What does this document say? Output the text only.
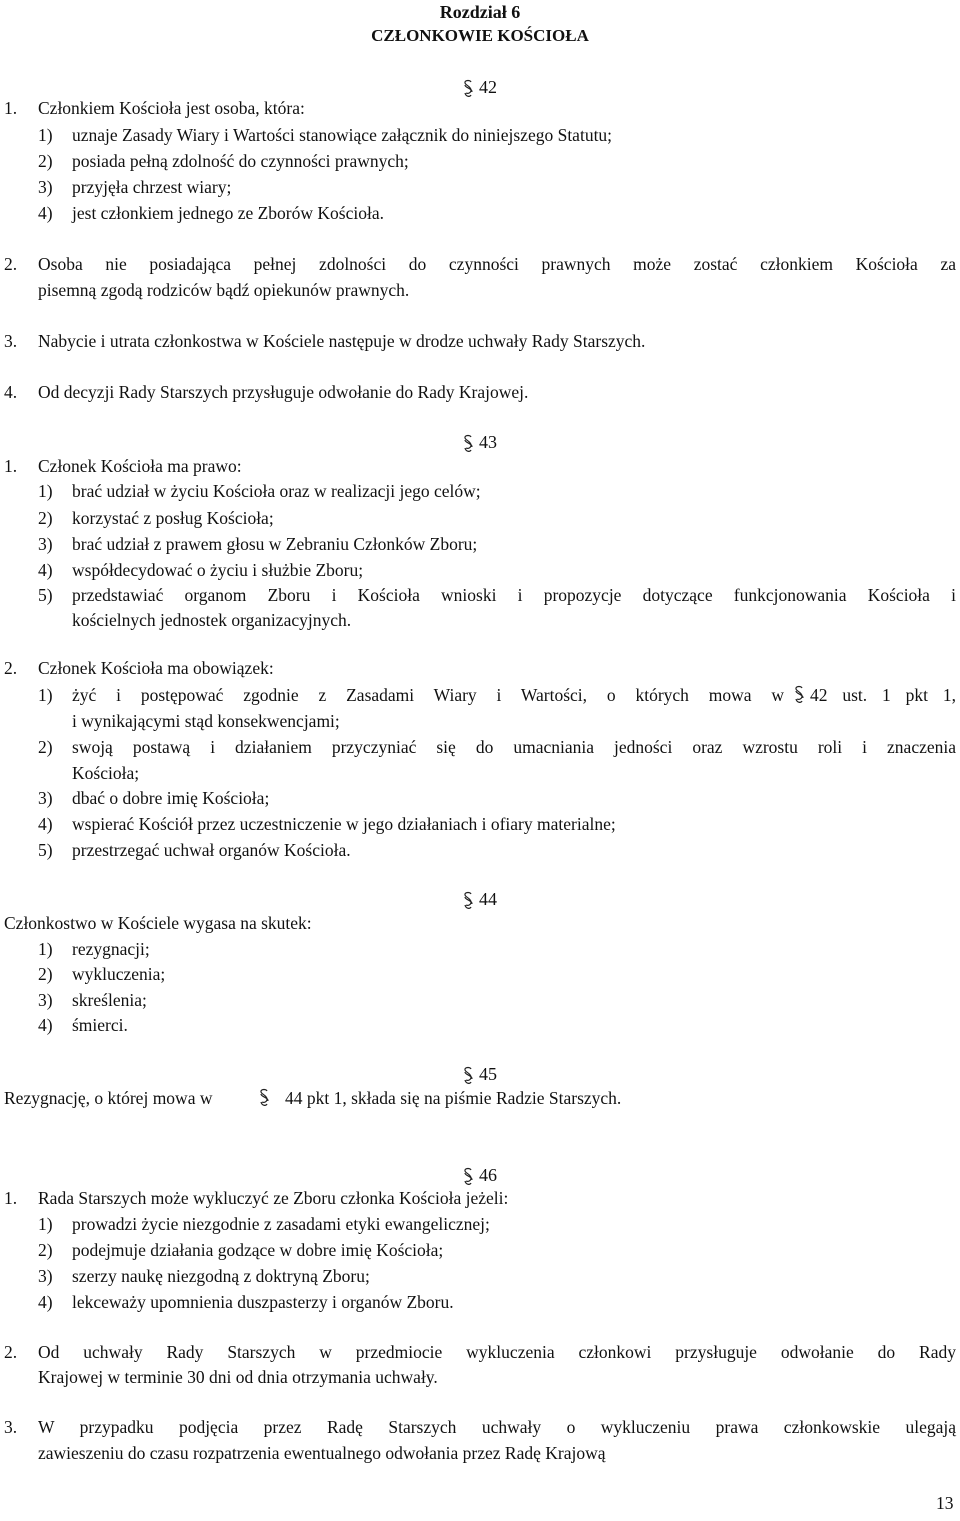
Rozdział 6
CZŁONKOWIE KOŚCIOŁA
42
1. Członkiem Kościoła jest osoba, która:
1) uznaje Zasady Wiary i Wartości stanowiące załącznik do niniejszego Statutu;
2) posiada pełną zdolność do czynności prawnych;
3) przyjęła chrzest wiary;
4) jest członkiem jednego ze Zborów Kościoła.
2. Osoba nie posiadająca pełnej zdolności do czynności prawnych może zostać członkiem Kościoła za
pisemną zgodą rodziców bądź opiekunów prawnych.
3. Nabycie i utrata członkostwa w Kościele następuje w drodze uchwały Rady Starszych.
4. Od decyzji Rady Starszych przysługuje odwołanie do Rady Krajowej.
43
1. Członek Kościoła ma prawo:
1) brać udział w życiu Kościoła oraz w realizacji jego celów;
2) korzystać z posług Kościoła;
3) brać udział z prawem głosu w Zebraniu Członków Zboru;
4) współdecydować o życiu i służbie Zboru;
5) przedstawiać organom Zboru i Kościoła wnioski i propozycje dotyczące funkcjonowania Kościoła i
kościelnych jednostek organizacyjnych.
2. Członek Kościoła ma obowiązek:
1) żyć i postępować zgodnie z Zasadami Wiary i Wartości, o których mowa w 42 ust. 1 pkt 1,
i wynikającymi stąd konsekwencjami;
2) swoją postawą i działaniem przyczyniać się do umacniania jedności oraz wzrostu roli i znaczenia
Kościoła;
3) dbać o dobre imię Kościoła;
4) wspierać Kościół przez uczestniczenie w jego działaniach i ofiary materialne;
5) przestrzegać uchwał organów Kościoła.
44
Członkostwo w Kościele wygasa na skutek:
1) rezygnacji;
2) wykluczenia;
3) skreślenia;
4) śmierci.
45
Rezygnację, o której mowa w	44 pkt 1, składa się na piśmie Radzie Starszych.
46
1. Rada Starszych może wykluczyć ze Zboru członka Kościoła jeżeli:
1) prowadzi życie niezgodnie z zasadami etyki ewangelicznej;
2) podejmuje działania godzące w dobre imię Kościoła;
3) szerzy naukę niezgodną z doktryną Zboru;
4) lekceważy upomnienia duszpasterzy i organów Zboru.
2. Od uchwały Rady Starszych w przedmiocie wykluczenia członkowi przysługuje odwołanie do Rady
Krajowej w terminie 30 dni od dnia otrzymania uchwały.
3. W przypadku podjęcia przez Radę Starszych uchwały o wykluczeniu prawa członkowskie ulegają
zawieszeniu do czasu rozpatrzenia ewentualnego odwołania przez Radę Krajową
13
